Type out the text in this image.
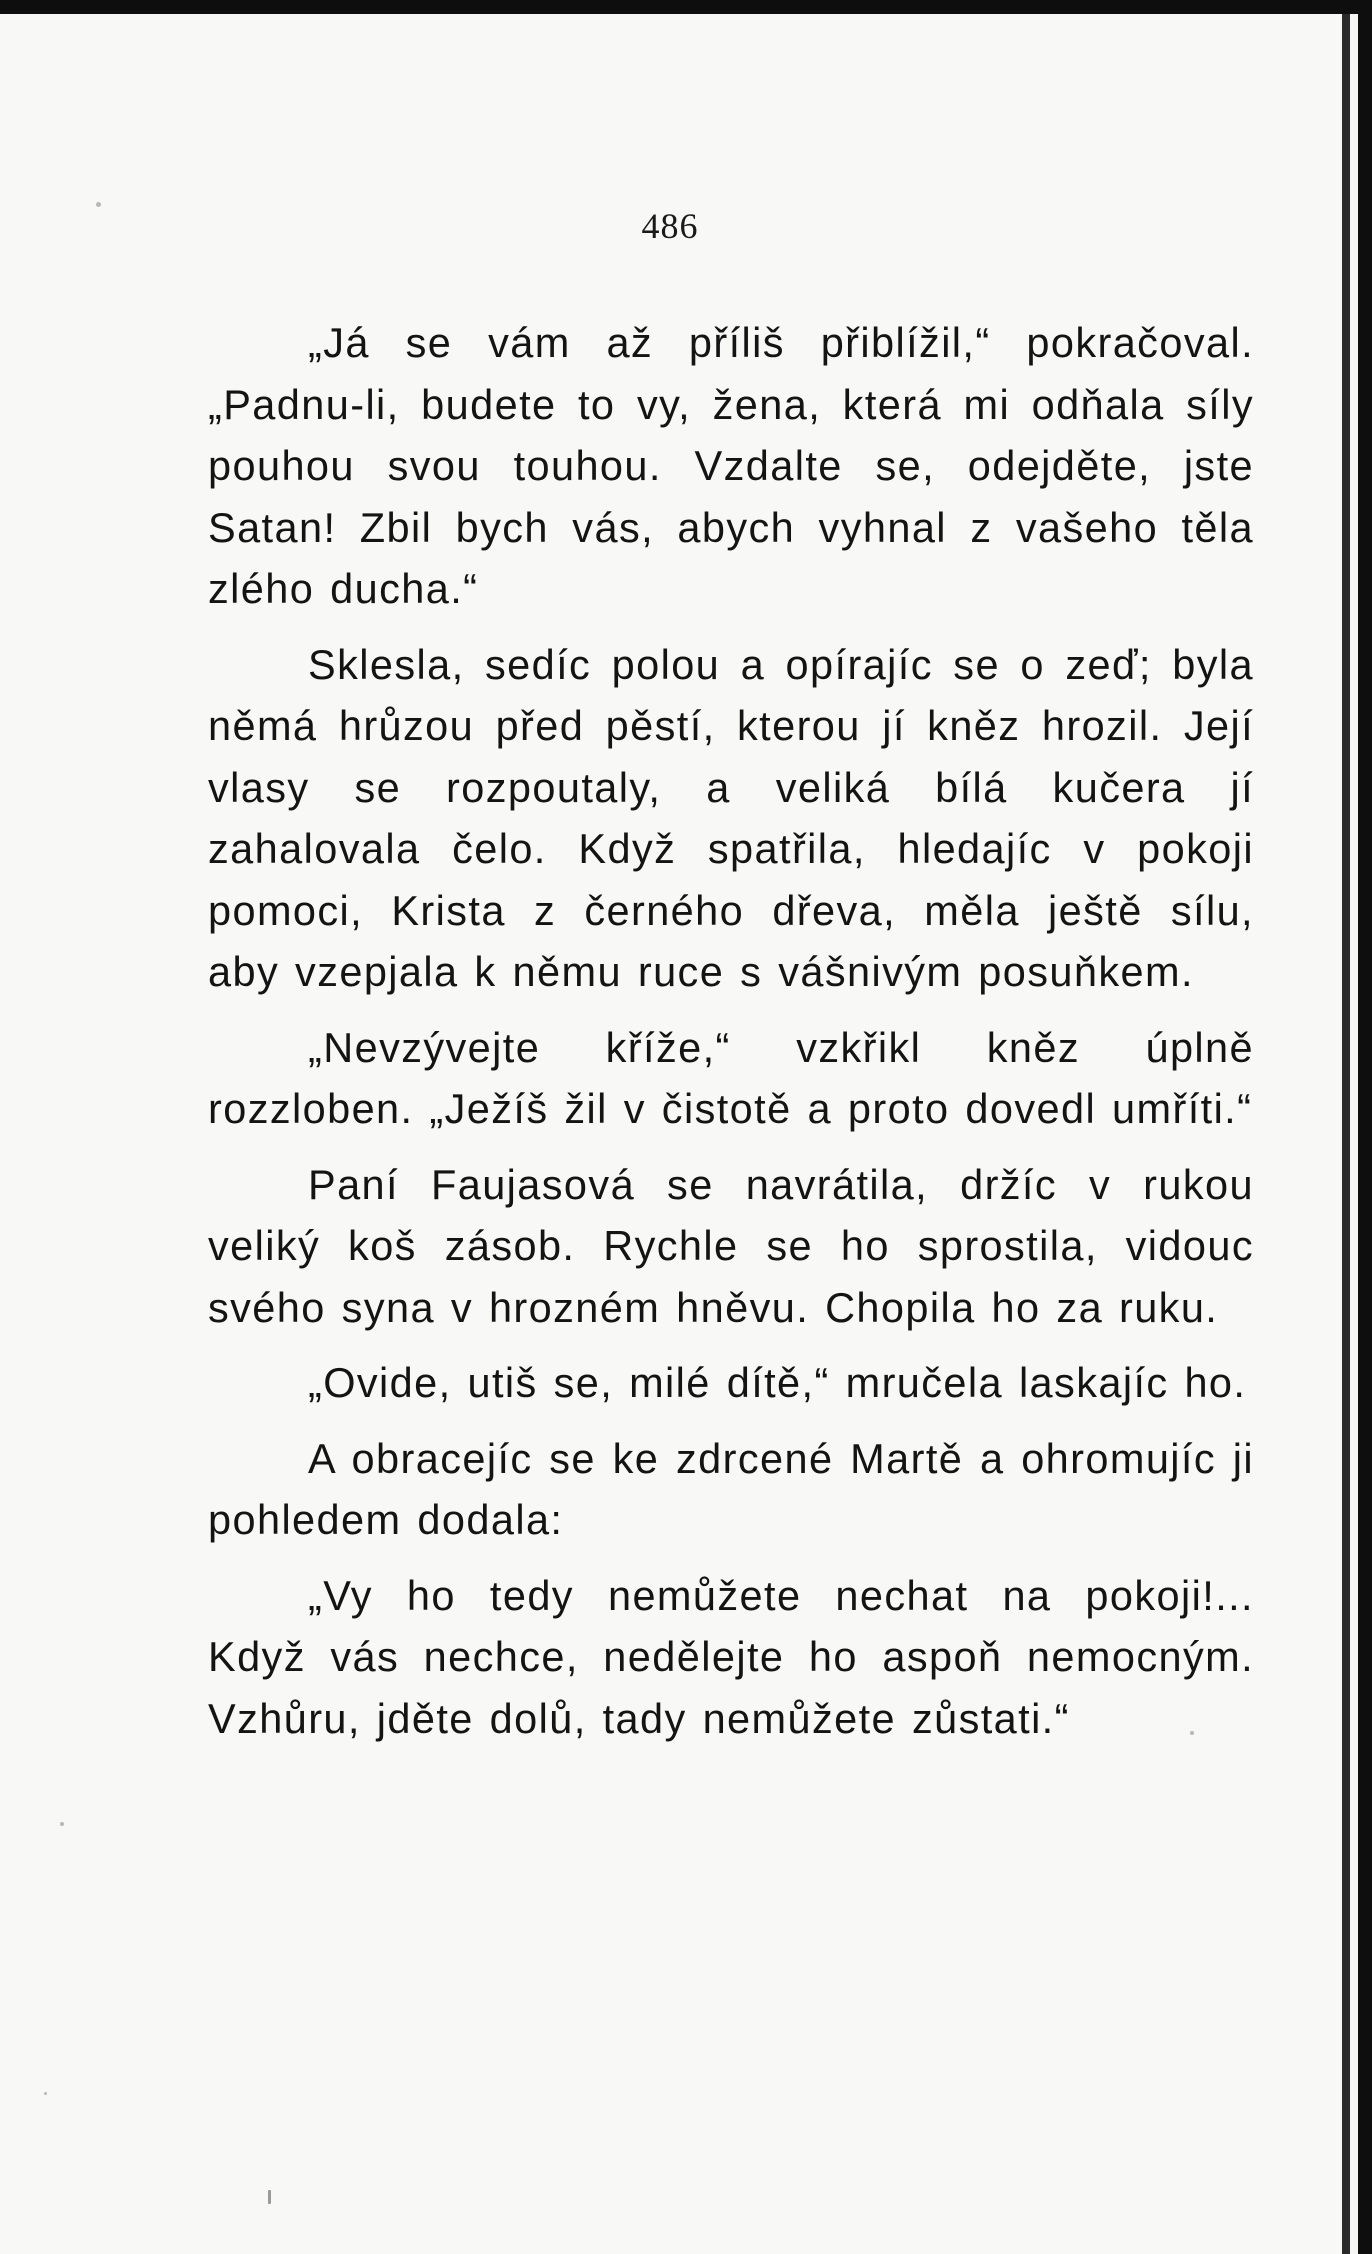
486

„Já se vám až příliš přiblížil,“ pokračoval. „Padnu-li, budete to vy, žena, která mi odňala síly pouhou svou touhou. Vzdalte se, odejděte, jste Satan! Zbil bych vás, abych vyhnal z vašeho těla zlého ducha.“

Sklesla, sedíc polou a opírajíc se o zeď; byla němá hrůzou před pěstí, kterou jí kněz hrozil. Její vlasy se rozpoutaly, a veliká bílá kučera jí zahalovala čelo. Když spatřila, hledajíc v pokoji pomoci, Krista z černého dřeva, měla ještě sílu, aby vzepjala k němu ruce s vášnivým posuňkem.

„Nevzývejte kříže,“ vzkřikl kněz úplně rozzloben. „Ježíš žil v čistotě a proto dovedl umříti.“

Paní Faujasová se navrátila, držíc v rukou veliký koš zásob. Rychle se ho sprostila, vidouc svého syna v hrozném hněvu. Chopila ho za ruku.

„Ovide, utiš se, milé dítě,“ mručela laskajíc ho.

A obracejíc se ke zdrcené Martě a ohromujíc ji pohledem dodala:

„Vy ho tedy nemůžete nechat na pokoji!... Když vás nechce, nedělejte ho aspoň nemocným. Vzhůru, jděte dolů, tady nemůžete zůstati.“
